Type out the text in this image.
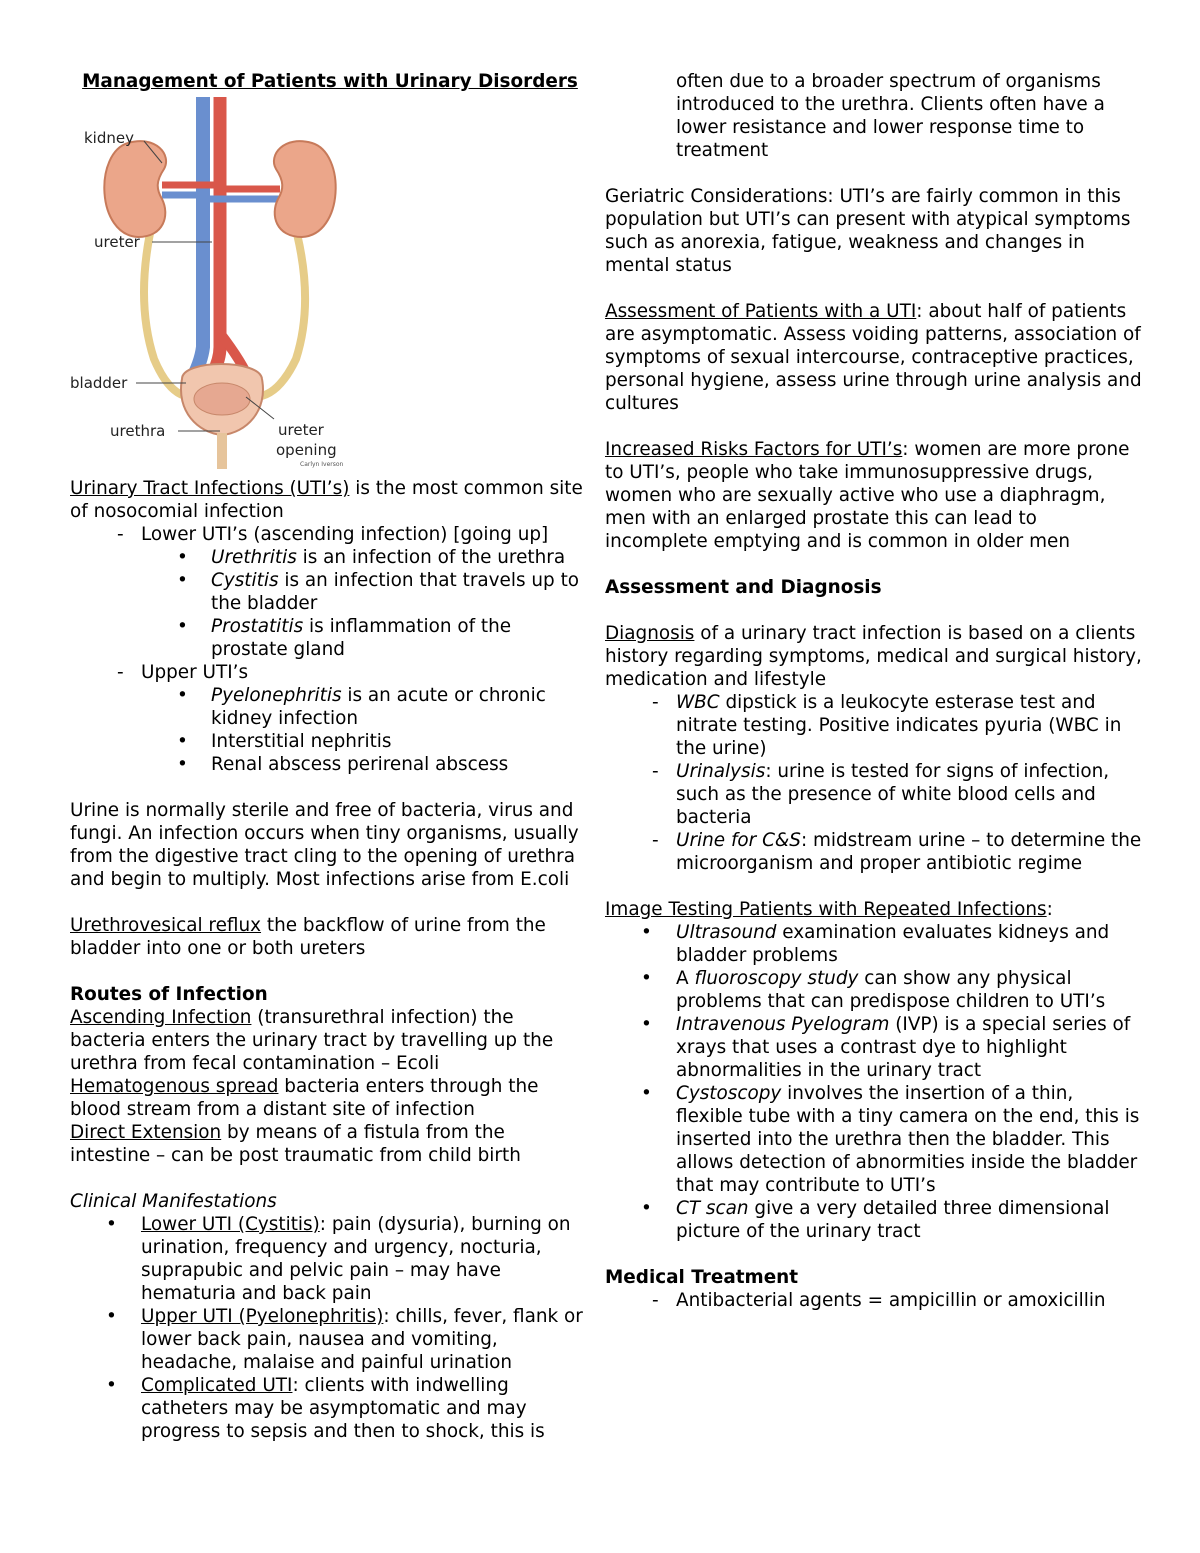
Management of Patients with Urinary Disorders

kidney
ureter
bladder
urethra	ureter
opening
Carlyn Iverson

Urinary Tract Infections (UTI’s) is the most common site of nosocomial infection

- Lower UTI’s (ascending infection) [going up]
• Urethritis is an infection of the urethra
• Cystitis is an infection that travels up to the bladder
• Prostatitis is inflammation of the prostate gland
- Upper UTI’s
• Pyelonephritis is an acute or chronic kidney infection
• Interstitial nephritis
• Renal abscess perirenal abscess

Urine is normally sterile and free of bacteria, virus and fungi. An infection occurs when tiny organisms, usually from the digestive tract cling to the opening of urethra and begin to multiply. Most infections arise from E.coli

Urethrovesical reflux the backflow of urine from the bladder into one or both ureters

Routes of Infection

Ascending Infection (transurethral infection) the bacteria enters the urinary tract by travelling up the urethra from fecal contamination – Ecoli

Hematogenous spread bacteria enters through the blood stream from a distant site of infection

Direct Extension by means of a fistula from the intestine – can be post traumatic from child birth

Clinical Manifestations

• Lower UTI (Cystitis): pain (dysuria), burning on urination, frequency and urgency, nocturia, suprapubic and pelvic pain – may have hematuria and back pain
• Upper UTI (Pyelonephritis): chills, fever, flank or lower back pain, nausea and vomiting, headache, malaise and painful urination
• Complicated UTI: clients with indwelling catheters may be asymptomatic and may progress to sepsis and then to shock, this is

often due to a broader spectrum of organisms introduced to the urethra. Clients often have a lower resistance and lower response time to treatment

Geriatric Considerations: UTI’s are fairly common in this population but UTI’s can present with atypical symptoms such as anorexia, fatigue, weakness and changes in mental status

Assessment of Patients with a UTI: about half of patients are asymptomatic. Assess voiding patterns, association of symptoms of sexual intercourse, contraceptive practices, personal hygiene, assess urine through urine analysis and cultures

Increased Risks Factors for UTI’s: women are more prone to UTI’s, people who take immunosuppressive drugs, women who are sexually active who use a diaphragm, men with an enlarged prostate this can lead to incomplete emptying and is common in older men

Assessment and Diagnosis

Diagnosis of a urinary tract infection is based on a clients history regarding symptoms, medical and surgical history, medication and lifestyle

- WBC dipstick is a leukocyte esterase test and nitrate testing. Positive indicates pyuria (WBC in the urine)
- Urinalysis: urine is tested for signs of infection, such as the presence of white blood cells and bacteria
- Urine for C&S: midstream urine – to determine the microorganism and proper antibiotic regime

Image Testing Patients with Repeated Infections:

• Ultrasound examination evaluates kidneys and bladder problems
• A fluoroscopy study can show any physical problems that can predispose children to UTI’s
• Intravenous Pyelogram (IVP) is a special series of xrays that uses a contrast dye to highlight abnormalities in the urinary tract
• Cystoscopy involves the insertion of a thin, flexible tube with a tiny camera on the end, this is inserted into the urethra then the bladder. This allows detection of abnormities inside the bladder that may contribute to UTI’s
• CT scan give a very detailed three dimensional picture of the urinary tract

Medical Treatment

- Antibacterial agents = ampicillin or amoxicillin
